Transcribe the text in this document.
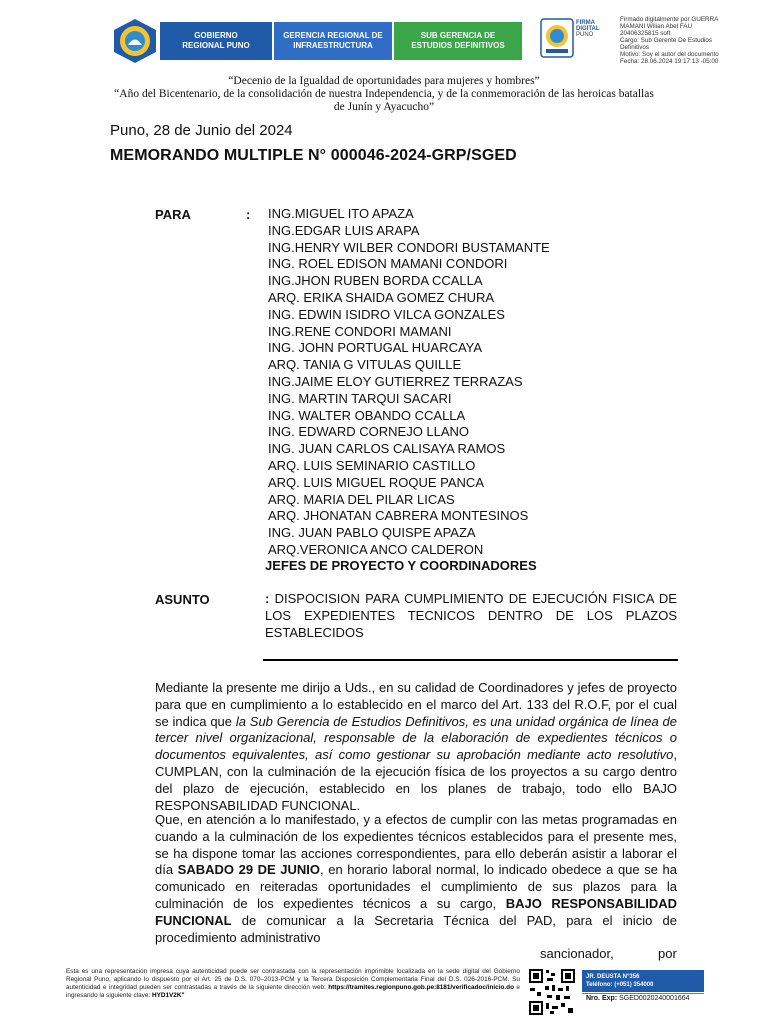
GOBIERNO
REGIONAL PUNO
GERENCIA REGIONAL DE INFRAESTRUCTURA
SUB GERENCIA DE ESTUDIOS DEFINITIVOS
FIRMA DIGITAL
PUNO
Firmado digitalmente por GUERRA
MAMANI Wilian Abel FAU
20406325815 soft
Cargo: Sub Gerente De Estudios
Definitivos
Motivo: Soy el autor del documento
Fecha: 28.06.2024 19:17:13 -05:00
“Decenio de la Igualdad de oportunidades para mujeres y hombres”
“Año del Bicentenario, de la consolidación de nuestra Independencia, y de la conmemoración de las heroicas batallas de Junín y Ayacucho”
Puno, 28 de Junio del 2024
MEMORANDO MULTIPLE N° 000046-2024-GRP/SGED
PARA	: ING.MIGUEL ITO APAZA
ING.EDGAR LUIS ARAPA
ING.HENRY WILBER CONDORI BUSTAMANTE
ING. ROEL EDISON MAMANI CONDORI
ING.JHON RUBEN BORDA CCALLA
ARQ. ERIKA SHAIDA GOMEZ CHURA
ING. EDWIN ISIDRO VILCA GONZALES
ING.RENE CONDORI MAMANI
ING. JOHN PORTUGAL HUARCAYA
ARQ. TANIA G VITULAS QUILLE
ING.JAIME ELOY GUTIERREZ TERRAZAS
ING. MARTIN TARQUI SACARI
ING. WALTER OBANDO CCALLA
ING. EDWARD CORNEJO LLANO
ING. JUAN CARLOS CALISAYA RAMOS
ARQ. LUIS SEMINARIO CASTILLO
ARQ. LUIS MIGUEL ROQUE PANCA
ARQ. MARIA DEL PILAR LICAS
ARQ. JHONATAN CABRERA MONTESINOS
ING. JUAN PABLO QUISPE APAZA
ARQ.VERONICA ANCO CALDERON
JEFES DE PROYECTO Y COORDINADORES
ASUNTO	: DISPOCISION PARA CUMPLIMIENTO DE EJECUCIÓN FISICA DE LOS EXPEDIENTES TECNICOS DENTRO DE LOS PLAZOS ESTABLECIDOS
Mediante la presente me dirijo a Uds., en su calidad de Coordinadores y jefes de proyecto para que en cumplimiento a lo establecido en el marco del Art. 133 del R.O.F, por el cual se indica que la Sub Gerencia de Estudios Definitivos, es una unidad orgánica de línea de tercer nivel organizacional, responsable de la elaboración de expedientes técnicos o documentos equivalentes, así como gestionar su aprobación mediante acto resolutivo, CUMPLAN, con la culminación de la ejecución física de los proyectos a su cargo dentro del plazo de ejecución, establecido en los planes de trabajo, todo ello BAJO RESPONSABILIDAD FUNCIONAL.
Que, en atención a lo manifestado, y a efectos de cumplir con las metas programadas en cuando a la culminación de los expedientes técnicos establecidos para el presente mes, se ha dispone tomar las acciones correspondientes, para ello deberán asistir a laborar el día SABADO 29 DE JUNIO, en horario laboral normal, lo indicado obedece a que se ha comunicado en reiteradas oportunidades el cumplimiento de sus plazos para la culminación de los expedientes técnicos a su cargo, BAJO RESPONSABILIDAD FUNCIONAL de comunicar a la Secretaria Técnica del PAD, para el inicio de procedimiento administrativo
sancionador,	por
Esta es una representación impresa cuya autenticidad puede ser contrastada con la representación imprimible localizada en la sede digital del Gobierno Regional Puno, aplicando lo dispuesto por el Art. 25 de D.S. 070–2013-PCM y la Tercera Disposición Complementaria Final del D.S. 026-2016-PCM. Su autenticidad e integridad pueden ser contrastadas a través de la siguiente dirección web: https://tramites.regionpuno.gob.pe:8181/verificadoc/inicio.do e ingresando la siguiente clave: HYD1V2K"
JR. DEUSTA N°356
Teléfono: (+051) 354000
Nro. Exp: SGED0020240001664
